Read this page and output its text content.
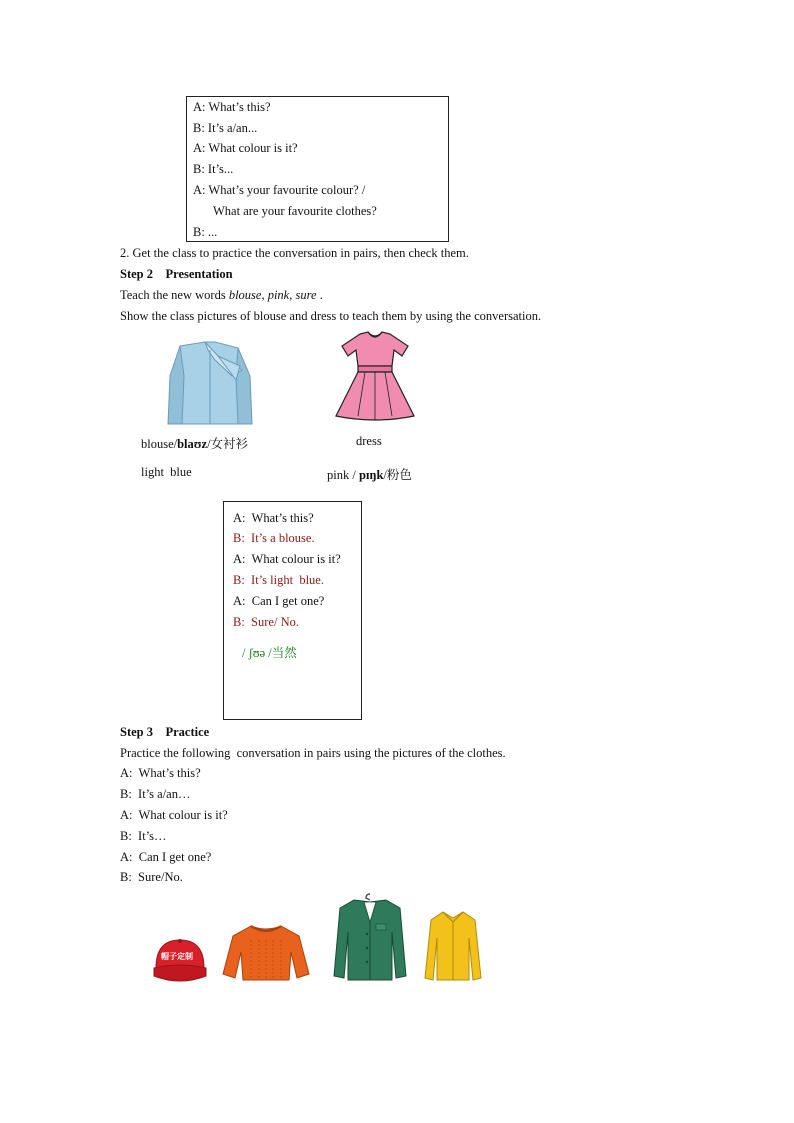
A: What’s this?
B: It’s a/an...
A: What colour is it?
B: It’s...
A: What’s your favourite colour? /
What are your favourite clothes?
B: ...
2. Get the class to practice the conversation in pairs, then check them.
Step 2    Presentation
Teach the new words blouse, pink, sure .
Show the class pictures of blouse and dress to teach them by using the conversation.
blouse/blaʊz/女衬衫	dress
light  blue	pink / pɪŋk/粉色
A:  What’s this?
B:  It’s a blouse.
A:  What colour is it?
B:  It’s light  blue.
A:  Can I get one?
B:  Sure/ No.
/ ʃʊə /当然
Step 3    Practice
Practice the following  conversation in pairs using the pictures of the clothes.
A:  What’s this?
B:  It’s a/an…
A:  What colour is it?
B:  It’s…
A:  Can I get one?
B:  Sure/No.
帽子定制
